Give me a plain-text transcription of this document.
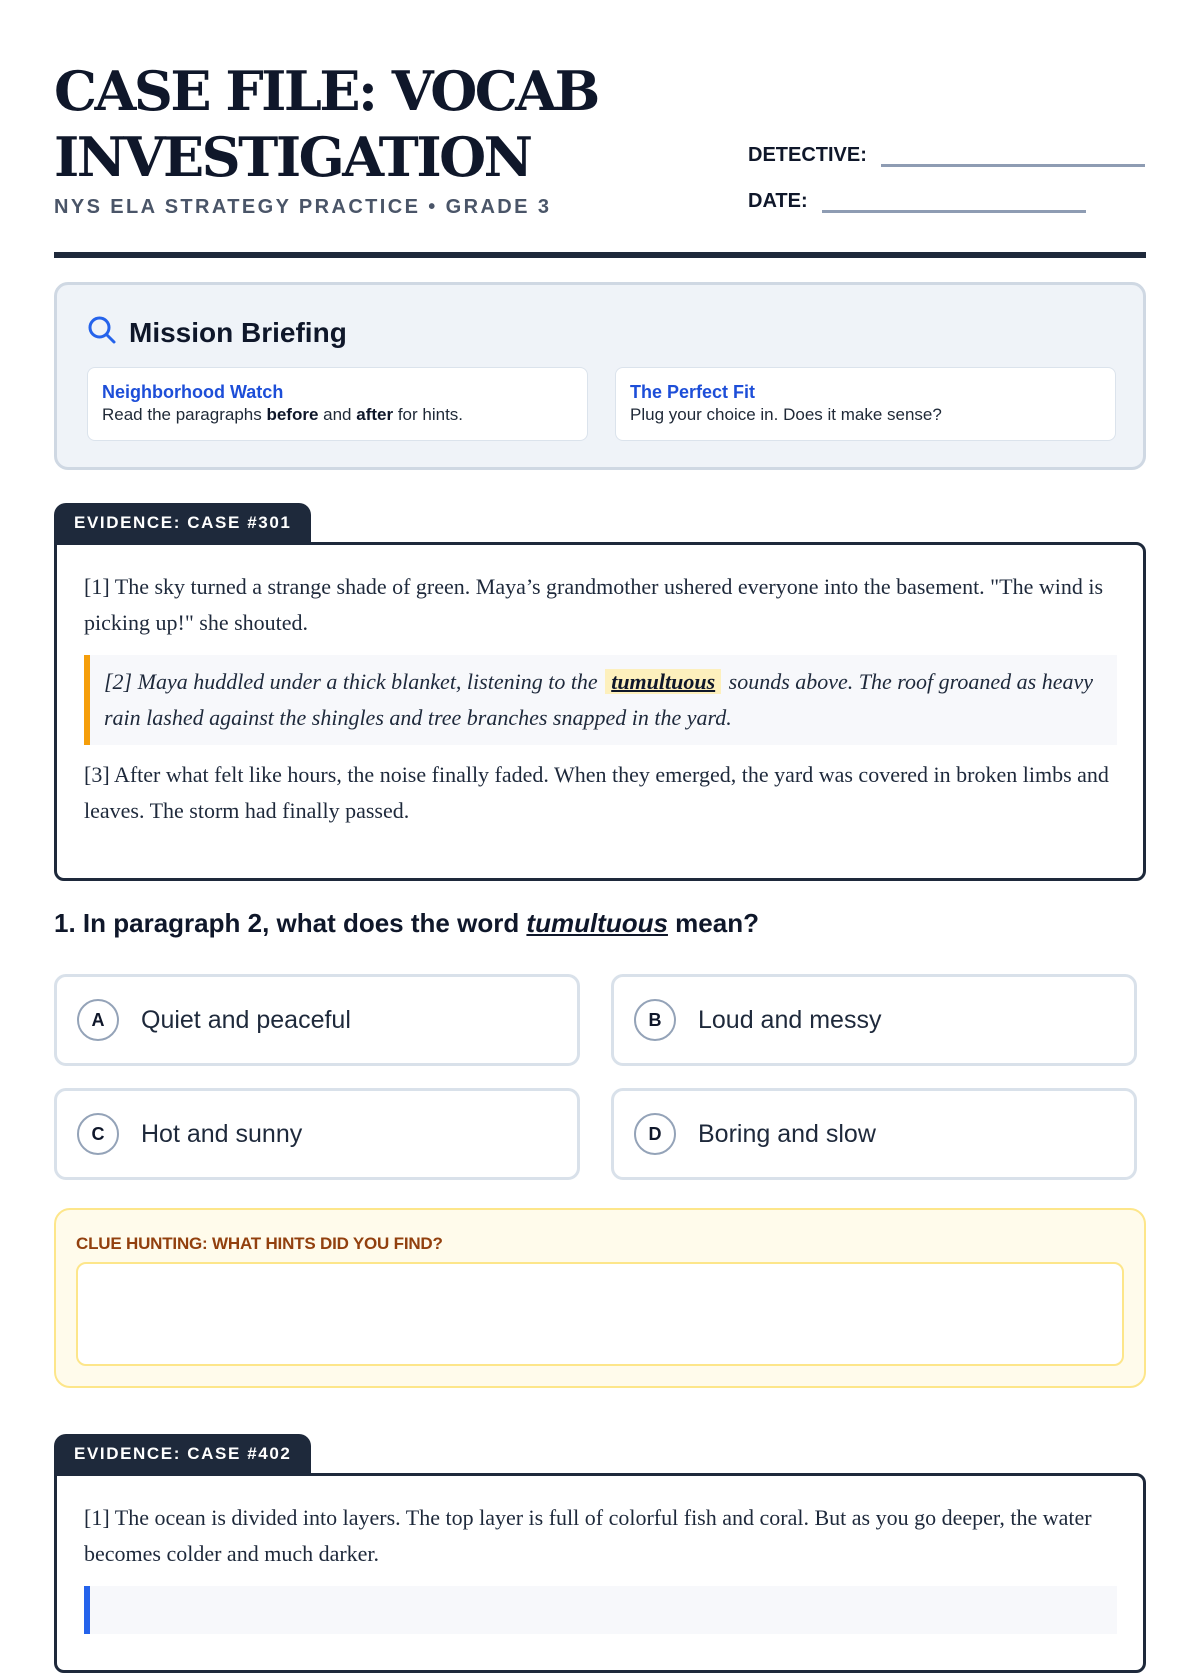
CASE FILE: VOCAB
INVESTIGATION
NYS ELA STRATEGY PRACTICE • GRADE 3
DETECTIVE:
DATE:
Mission Briefing
Neighborhood Watch
Read the paragraphs before and after for hints.
The Perfect Fit
Plug your choice in. Does it make sense?
EVIDENCE: CASE #301

[1] The sky turned a strange shade of green. Maya’s grandmother ushered everyone into the basement. "The wind is picking up!" she shouted.

[2] Maya huddled under a thick blanket, listening to the tumultuous sounds above. The roof groaned as heavy rain lashed against the shingles and tree branches snapped in the yard.

[3] After what felt like hours, the noise finally faded. When they emerged, the yard was covered in broken limbs and leaves. The storm had finally passed.

1. In paragraph 2, what does the word tumultuous mean?

A	Quiet and peaceful	B	Loud and messy
C	Hot and sunny	D	Boring and slow
CLUE HUNTING: WHAT HINTS DID YOU FIND?
EVIDENCE: CASE #402

[1] The ocean is divided into layers. The top layer is full of colorful fish and coral. But as you go deeper, the water becomes colder and much darker.
